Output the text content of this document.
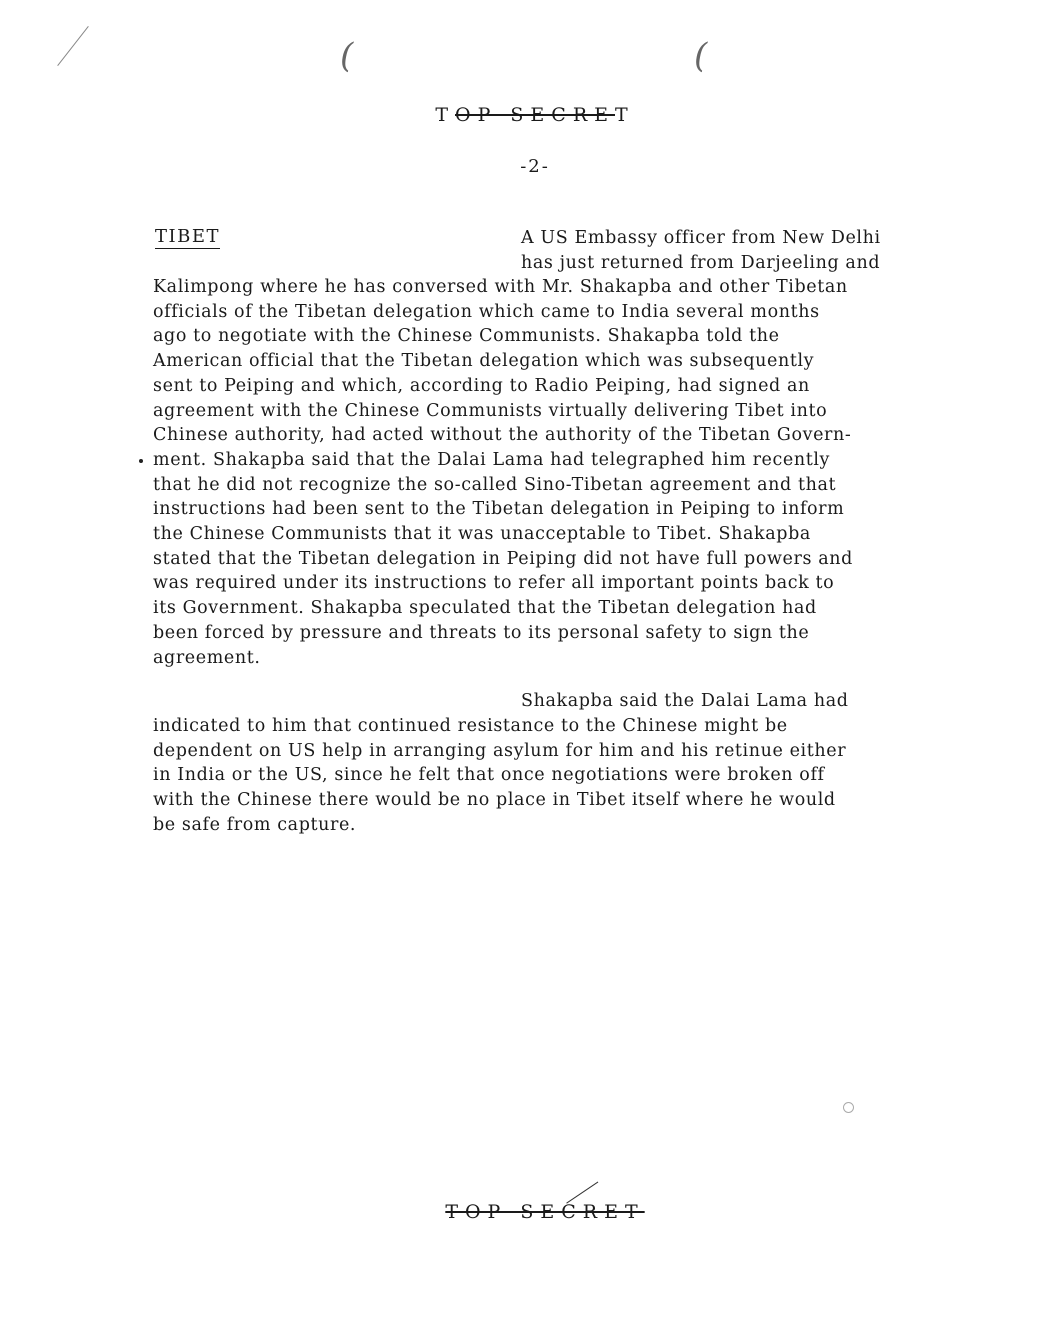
(	(
TOP SECRET
-2-
TIBET	A US Embassy officer from New Delhi
has just returned from Darjeeling and
Kalimpong where he has conversed with Mr. Shakapba and other Tibetan
officials of the Tibetan delegation which came to India several months
ago to negotiate with the Chinese Communists. Shakapba told the
American official that the Tibetan delegation which was subsequently
sent to Peiping and which, according to Radio Peiping, had signed an
agreement with the Chinese Communists virtually delivering Tibet into
Chinese authority, had acted without the authority of the Tibetan Govern-
ment. Shakapba said that the Dalai Lama had telegraphed him recently
that he did not recognize the so-called Sino-Tibetan agreement and that
instructions had been sent to the Tibetan delegation in Peiping to inform
the Chinese Communists that it was unacceptable to Tibet. Shakapba
stated that the Tibetan delegation in Peiping did not have full powers and
was required under its instructions to refer all important points back to
its Government. Shakapba speculated that the Tibetan delegation had
been forced by pressure and threats to its personal safety to sign the
agreement.
Shakapba said the Dalai Lama had
indicated to him that continued resistance to the Chinese might be
dependent on US help in arranging asylum for him and his retinue either
in India or the US, since he felt that once negotiations were broken off
with the Chinese there would be no place in Tibet itself where he would
be safe from capture.
TOP SECRET
